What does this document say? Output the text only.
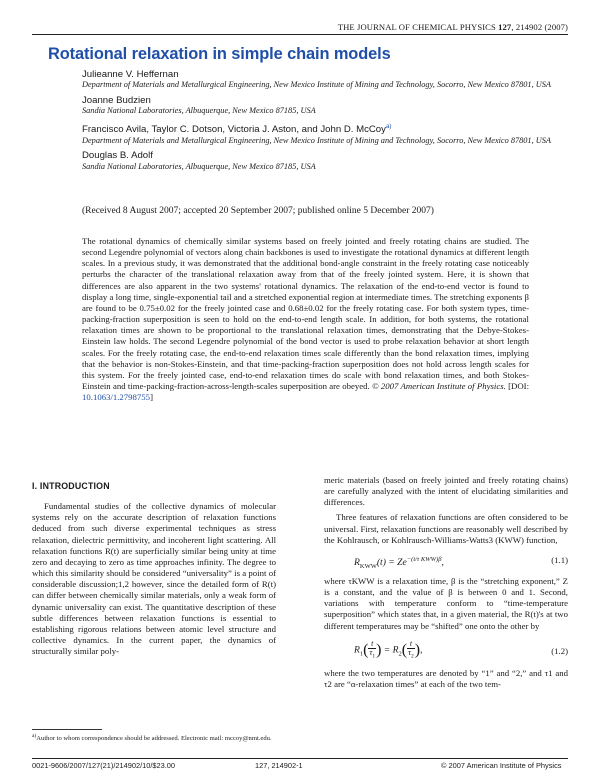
THE JOURNAL OF CHEMICAL PHYSICS 127, 214902 (2007)
Rotational relaxation in simple chain models
Julieanne V. Heffernan
Department of Materials and Metallurgical Engineering, New Mexico Institute of Mining and Technology, Socorro, New Mexico 87801, USA
Joanne Budzien
Sandia National Laboratories, Albuquerque, New Mexico 87185, USA
Francisco Avila, Taylor C. Dotson, Victoria J. Aston, and John D. McCoy$^{a)}$
Department of Materials and Metallurgical Engineering, New Mexico Institute of Mining and Technology, Socorro, New Mexico 87801, USA
Douglas B. Adolf
Sandia National Laboratories, Albuquerque, New Mexico 87185, USA
(Received 8 August 2007; accepted 20 September 2007; published online 5 December 2007)
The rotational dynamics of chemically similar systems based on freely jointed and freely rotating chains are studied. The second Legendre polynomial of vectors along chain backbones is used to investigate the rotational dynamics at different length scales. In a previous study, it was demonstrated that the additional bond-angle constraint in the freely rotating case noticeably perturbs the character of the translational relaxation away from that of the freely jointed system. Here, it is shown that differences are also apparent in the two systems' rotational dynamics. The relaxation of the end-to-end vector is found to display a long time, single-exponential tail and a stretched exponential region at intermediate times. The stretching exponents β are found to be 0.75±0.02 for the freely jointed case and 0.68±0.02 for the freely rotating case. For both system types, time-packing-fraction superposition is seen to hold on the end-to-end length scale. In addition, for both systems, the rotational relaxation times are shown to be proportional to the translational relaxation times, demonstrating that the Debye-Stokes-Einstein law holds. The second Legendre polynomial of the bond vector is used to probe relaxation behavior at short length scales. For the freely rotating case, the end-to-end relaxation times scale differently than the bond relaxation times, implying that the behavior is non-Stokes-Einstein, and that time-packing-fraction superposition does not hold across length scales for this system. For the freely jointed case, end-to-end relaxation times do scale with bond relaxation times, and both Stokes-Einstein and time-packing-fraction-across-length-scales superposition are obeyed. © 2007 American Institute of Physics. [DOI: 10.1063/1.2798755]
I. INTRODUCTION

Fundamental studies of the collective dynamics of molecular systems rely on the accurate description of relaxation functions deduced from such diverse experimental techniques as stress relaxation, dielectric permittivity, and incoherent light scattering. All relaxation functions R(t) are superficially similar being unity at time zero and decaying to zero as time approaches infinity. The degree to which this similarity should be considered “universality” is a point of considerable discussion;1,2 however, since the detailed form of R(t) can differ between chemically similar materials, only a weak form of dynamic universality can exist. The quantitative description of these subtle differences between relaxation functions is essential to establishing rigorous relations between atomic level structure and collective dynamics. In the current paper, the dynamics of structurally similar poly-

meric materials (based on freely jointed and freely rotating chains) are carefully analyzed with the intent of elucidating similarities and differences.

Three features of relaxation functions are often considered to be universal. First, relaxation functions are reasonably well described by the Kohlrausch, or Kohlrausch-Williams-Watts3 (KWW) function,

$R_{KWW}(t) = Ze^{-(t/\tau KWW)\beta}$,	(1.1)

where τKWW is a relaxation time, β is the “stretching exponent,” Z is a constant, and the value of β is between 0 and 1. Second, variations with temperature conform to “time-temperature superposition” which states that, in a given material, the R(t)'s at two different temperatures may be “shifted” one onto the other by

$R_1( \frac{t}{\tau_1}$ ) = $R_2( \frac{t}{\tau_2}$ ),	(1.2)

where the two temperatures are denoted by “1” and “2,” and τ1 and τ2 are “α-relaxation times” at each of the two tem-

$^{a)}$Author to whom correspondence should be addressed. Electronic mail: mccoy@nmt.edu.
0021-9606/2007/127(21)/214902/10/$23.00	127, 214902-1	© 2007 American Institute of Physics
